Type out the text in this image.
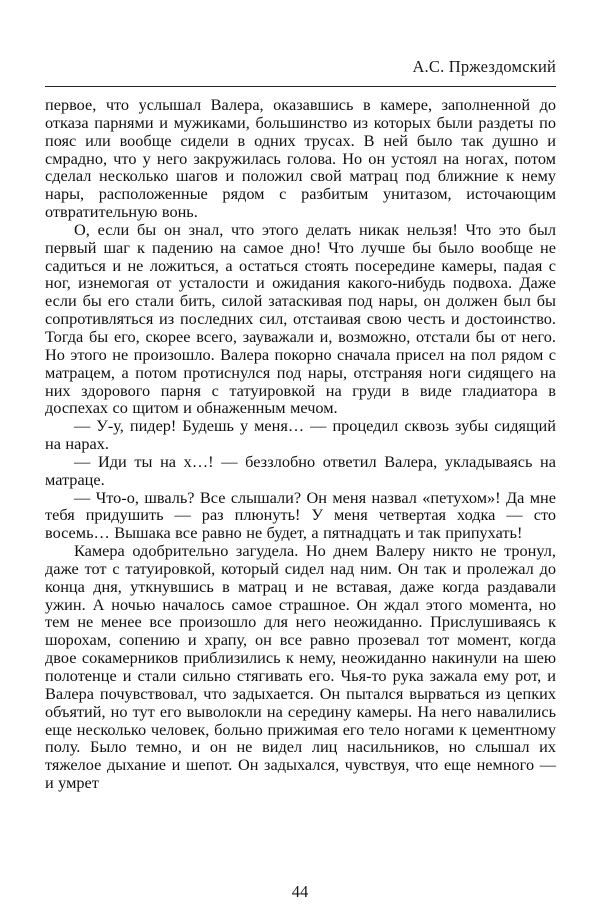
А.С. Пржездомский

первое, что услышал Валера, оказавшись в камере, заполненной до отказа парнями и мужиками, большинство из которых были раздеты по пояс или вообще сидели в одних трусах. В ней было так душно и смрадно, что у него закружилась голова. Но он устоял на ногах, потом сделал несколько шагов и положил свой матрац под ближние к нему нары, расположенные рядом с разбитым унитазом, источающим отвратительную вонь.

О, если бы он знал, что этого делать никак нельзя! Что это был первый шаг к падению на самое дно! Что лучше бы было вообще не садиться и не ложиться, а остаться стоять посередине камеры, падая с ног, изнемогая от усталости и ожидания какого-нибудь подвоха. Даже если бы его стали бить, силой затаскивая под нары, он должен был бы сопротивляться из последних сил, отстаивая свою честь и достоинство. Тогда бы его, скорее всего, зауважали и, возможно, отстали бы от него. Но этого не произошло. Валера покорно сначала присел на пол рядом с матрацем, а потом протиснулся под нары, отстраняя ноги сидящего на них здорового парня с татуировкой на груди в виде гладиатора в доспехах со щитом и обнаженным мечом.

— У-у, пидер! Будешь у меня… — процедил сквозь зубы сидящий на нарах.

— Иди ты на х…! — беззлобно ответил Валера, укладываясь на матраце.

— Что-о, шваль? Все слышали? Он меня назвал «петухом»! Да мне тебя придушить — раз плюнуть! У меня четвертая ходка — сто восемь… Вышака все равно не будет, а пятнадцать и так припухать!

Камера одобрительно загудела. Но днем Валеру никто не тронул, даже тот с татуировкой, который сидел над ним. Он так и пролежал до конца дня, уткнувшись в матрац и не вставая, даже когда раздавали ужин. А ночью началось самое страшное. Он ждал этого момента, но тем не менее все произошло для него неожиданно. Прислушиваясь к шорохам, сопению и храпу, он все равно прозевал тот момент, когда двое сокамерников приблизились к нему, неожиданно накинули на шею полотенце и стали сильно стягивать его. Чья-то рука зажала ему рот, и Валера почувствовал, что задыхается. Он пытался вырваться из цепких объятий, но тут его выволокли на середину камеры. На него навалились еще несколько человек, больно прижимая его тело ногами к цементному полу. Было темно, и он не видел лиц насильников, но слышал их тяжелое дыхание и шепот. Он задыхался, чувствуя, что еще немного — и умрет

44
